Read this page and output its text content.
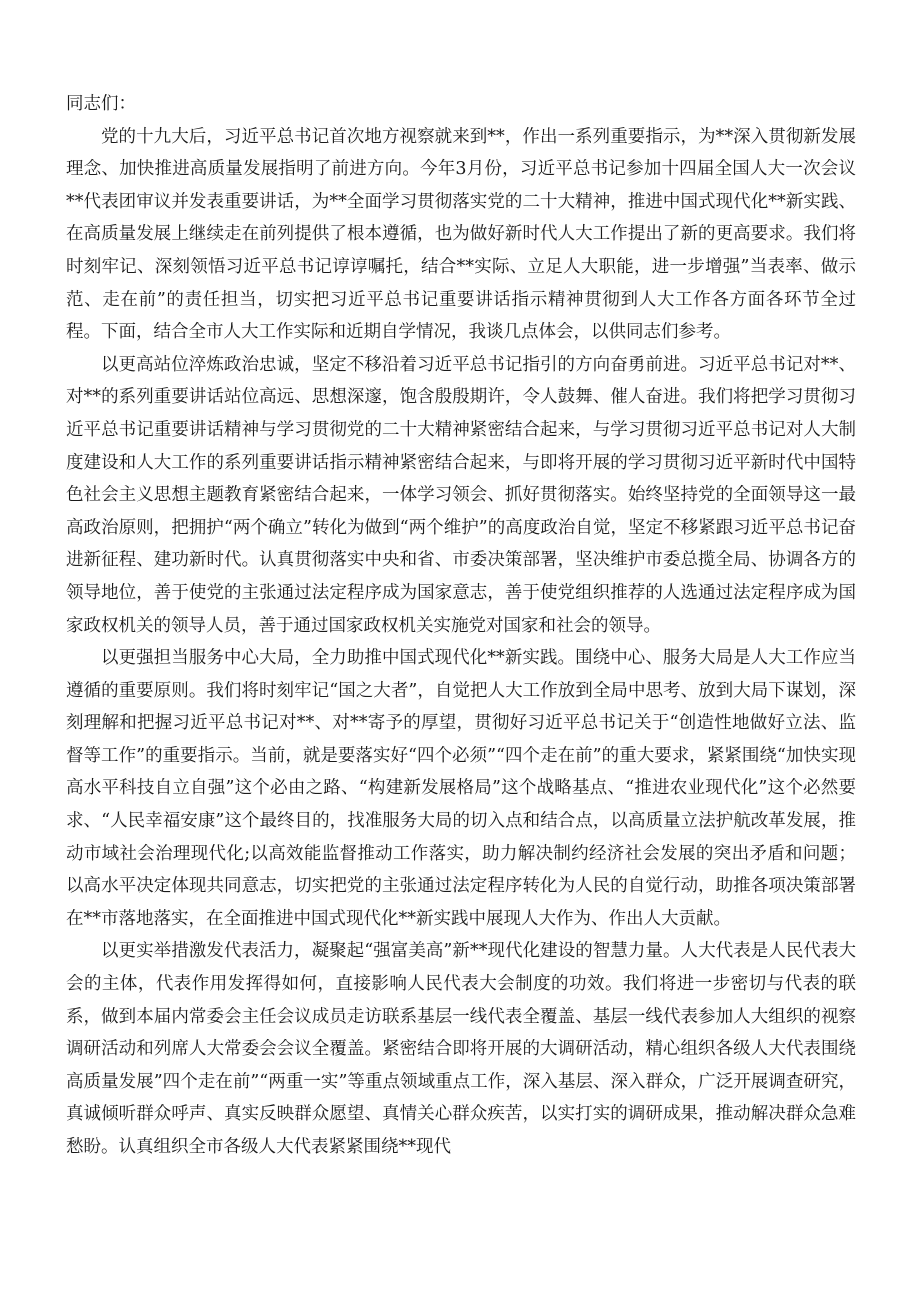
同志们：

党的十九大后，习近平总书记首次地方视察就来到**，作出一系列重要指示，为**深入贯彻新发展理念、加快推进高质量发展指明了前进方向。今年3月份，习近平总书记参加十四届全国人大一次会议**代表团审议并发表重要讲话，为**全面学习贯彻落实党的二十大精神，推进中国式现代化**新实践、在高质量发展上继续走在前列提供了根本遵循，也为做好新时代人大工作提出了新的更高要求。我们将时刻牢记、深刻领悟习近平总书记谆谆嘱托，结合**实际、立足人大职能，进一步增强”当表率、做示范、走在前”的责任担当，切实把习近平总书记重要讲话指示精神贯彻到人大工作各方面各环节全过程。下面，结合全市人大工作实际和近期自学情况，我谈几点体会，以供同志们参考。

以更高站位淬炼政治忠诚，坚定不移沿着习近平总书记指引的方向奋勇前进。习近平总书记对**、对**的系列重要讲话站位高远、思想深邃，饱含殷殷期许，令人鼓舞、催人奋进。我们将把学习贯彻习近平总书记重要讲话精神与学习贯彻党的二十大精神紧密结合起来，与学习贯彻习近平总书记对人大制度建设和人大工作的系列重要讲话指示精神紧密结合起来，与即将开展的学习贯彻习近平新时代中国特色社会主义思想主题教育紧密结合起来，一体学习领会、抓好贯彻落实。始终坚持党的全面领导这一最高政治原则，把拥护“两个确立”转化为做到“两个维护”的高度政治自觉，坚定不移紧跟习近平总书记奋进新征程、建功新时代。认真贯彻落实中央和省、市委决策部署，坚决维护市委总揽全局、协调各方的领导地位，善于使党的主张通过法定程序成为国家意志，善于使党组织推荐的人选通过法定程序成为国家政权机关的领导人员，善于通过国家政权机关实施党对国家和社会的领导。

以更强担当服务中心大局，全力助推中国式现代化**新实践。围绕中心、服务大局是人大工作应当遵循的重要原则。我们将时刻牢记“国之大者”，自觉把人大工作放到全局中思考、放到大局下谋划，深刻理解和把握习近平总书记对**、对**寄予的厚望，贯彻好习近平总书记关于“创造性地做好立法、监督等工作”的重要指示。当前，就是要落实好“四个必须”“四个走在前”的重大要求，紧紧围绕“加快实现高水平科技自立自强”这个必由之路、“构建新发展格局”这个战略基点、“推进农业现代化”这个必然要求、“人民幸福安康”这个最终目的，找准服务大局的切入点和结合点，以高质量立法护航改革发展，推动市域社会治理现代化;以高效能监督推动工作落实，助力解决制约经济社会发展的突出矛盾和问题；以高水平决定体现共同意志，切实把党的主张通过法定程序转化为人民的自觉行动，助推各项决策部署在**市落地落实，在全面推进中国式现代化**新实践中展现人大作为、作出人大贡献。

以更实举措激发代表活力，凝聚起“强富美高”新**现代化建设的智慧力量。人大代表是人民代表大会的主体，代表作用发挥得如何，直接影响人民代表大会制度的功效。我们将进一步密切与代表的联系，做到本届内常委会主任会议成员走访联系基层一线代表全覆盖、基层一线代表参加人大组织的视察调研活动和列席人大常委会会议全覆盖。紧密结合即将开展的大调研活动，精心组织各级人大代表围绕高质量发展”四个走在前”“两重一实”等重点领域重点工作，深入基层、深入群众，广泛开展调查研究，真诚倾听群众呼声、真实反映群众愿望、真情关心群众疾苦，以实打实的调研成果，推动解决群众急难愁盼。认真组织全市各级人大代表紧紧围绕**现代
